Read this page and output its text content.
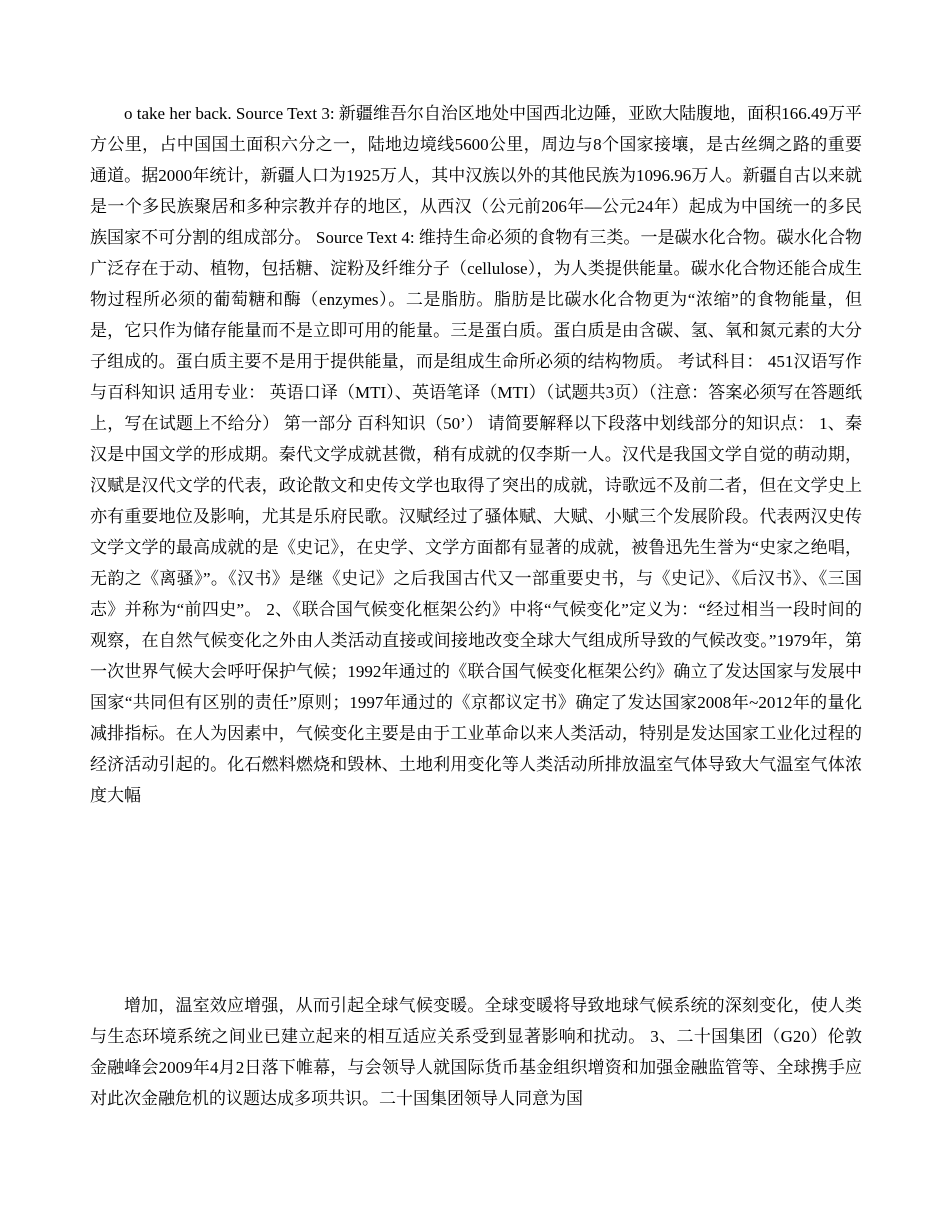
o take her back. Source Text 3: 新疆维吾尔自治区地处中国西北边陲，亚欧大陆腹地，面积166.49万平方公里，占中国国土面积六分之一，陆地边境线5600公里，周边与8个国家接壤，是古丝绸之路的重要通道。据2000年统计，新疆人口为1925万人，其中汉族以外的其他民族为1096.96万人。新疆自古以来就是一个多民族聚居和多种宗教并存的地区，从西汉（公元前206年—公元24年）起成为中国统一的多民族国家不可分割的组成部分。 Source Text 4: 维持生命必须的食物有三类。一是碳水化合物。碳水化合物广泛存在于动、植物，包括糖、淀粉及纤维分子（cellulose），为人类提供能量。碳水化合物还能合成生物过程所必须的葡萄糖和酶（enzymes）。二是脂肪。脂肪是比碳水化合物更为“浓缩”的食物能量，但是，它只作为储存能量而不是立即可用的能量。三是蛋白质。蛋白质是由含碳、氢、氧和氮元素的大分子组成的。蛋白质主要不是用于提供能量，而是组成生命所必须的结构物质。 考试科目： 451汉语写作与百科知识 适用专业： 英语口译（MTI）、英语笔译（MTI）（试题共3页）（注意：答案必须写在答题纸上，写在试题上不给分） 第一部分 百科知识（50’） 请简要解释以下段落中划线部分的知识点： 1、秦汉是中国文学的形成期。秦代文学成就甚微，稍有成就的仅李斯一人。汉代是我国文学自觉的萌动期，汉赋是汉代文学的代表，政论散文和史传文学也取得了突出的成就，诗歌远不及前二者，但在文学史上亦有重要地位及影响，尤其是乐府民歌。汉赋经过了骚体赋、大赋、小赋三个发展阶段。代表两汉史传文学文学的最高成就的是《史记》，在史学、文学方面都有显著的成就，被鲁迅先生誉为“史家之绝唱，无韵之《离骚》”。《汉书》是继《史记》之后我国古代又一部重要史书，与《史记》、《后汉书》、《三国志》并称为“前四史”。 2、《联合国气候变化框架公约》中将“气候变化”定义为：“经过相当一段时间的观察，在自然气候变化之外由人类活动直接或间接地改变全球大气组成所导致的气候改变。”1979年，第一次世界气候大会呼吁保护气候；1992年通过的《联合国气候变化框架公约》确立了发达国家与发展中国家“共同但有区别的责任”原则；1997年通过的《京都议定书》确定了发达国家2008年~2012年的量化减排指标。在人为因素中，气候变化主要是由于工业革命以来人类活动，特别是发达国家工业化过程的经济活动引起的。化石燃料燃烧和毁林、土地利用变化等人类活动所排放温室气体导致大气温室气体浓度大幅

增加，温室效应增强，从而引起全球气候变暖。全球变暖将导致地球气候系统的深刻变化，使人类与生态环境系统之间业已建立起来的相互适应关系受到显著影响和扰动。 3、二十国集团（G20）伦敦金融峰会2009年4月2日落下帷幕，与会领导人就国际货币基金组织增资和加强金融监管等、全球携手应对此次金融危机的议题达成多项共识。二十国集团领导人同意为国
